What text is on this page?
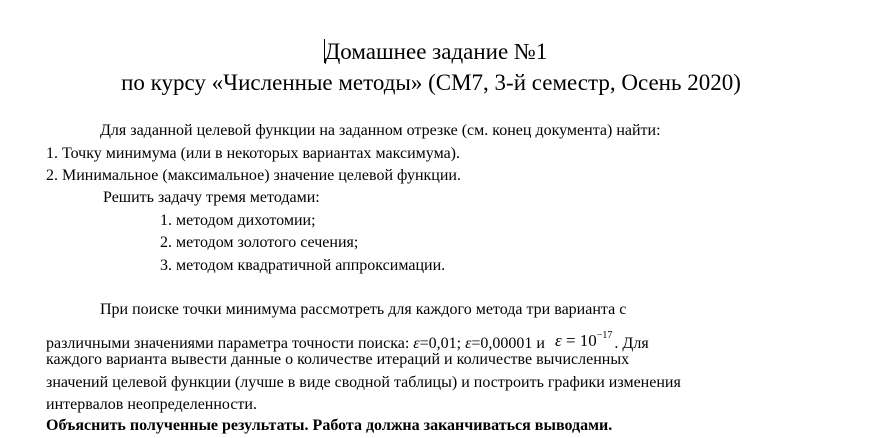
Домашнее задание №1
по курсу «Численные методы» (СМ7, 3-й семестр, Осень 2020)
Для заданной целевой функции на заданном отрезке (см. конец документа) найти:
1. Точку минимума (или в некоторых вариантах максимума).
2. Минимальное (максимальное) значение целевой функции.
Решить задачу тремя методами:
1. методом дихотомии;
2. методом золотого сечения;
3. методом квадратичной аппроксимации.
При поиске точки минимума рассмотреть для каждого метода три варианта с
различными значениями параметра точности поиска: ε=0,01; ε=0,00001 и $\varepsilon = 10^{-17}$ . Для
каждого варианта вывести данные о количестве итераций и количестве вычисленных
значений целевой функции (лучше в виде сводной таблицы) и построить графики изменения
интервалов неопределенности.
Объяснить полученные результаты. Работа должна заканчиваться выводами.
